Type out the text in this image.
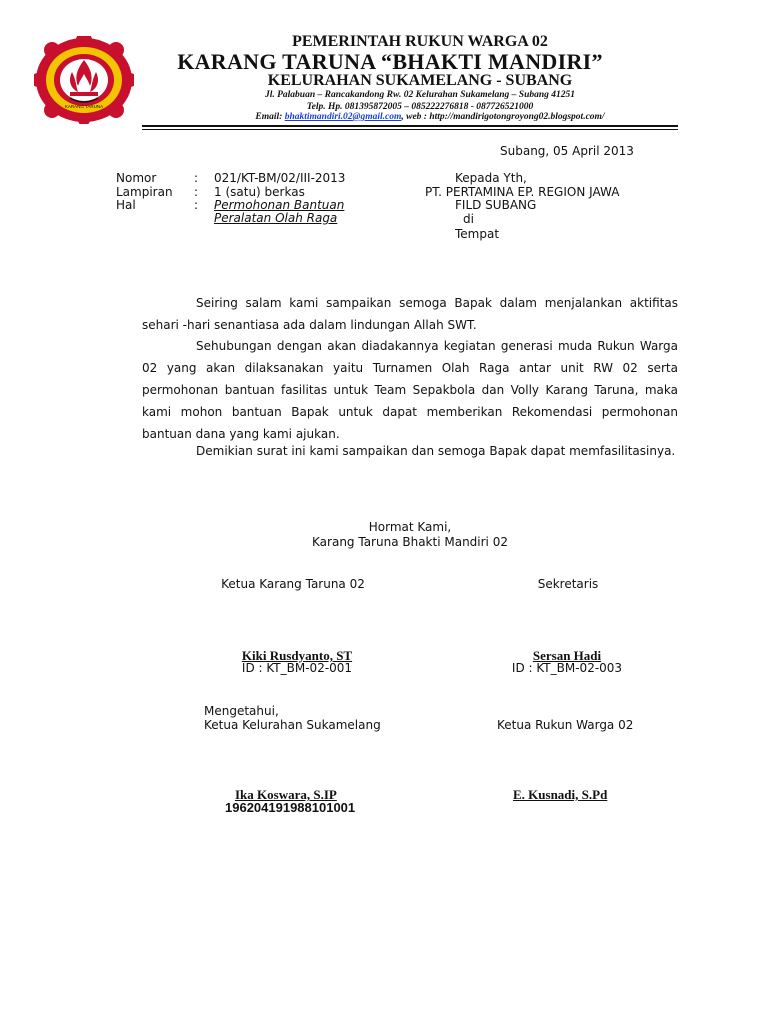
KARANG TARUNA
PEMERINTAH RUKUN WARGA 02
KARANG TARUNA “BHAKTI MANDIRI”
KELURAHAN SUKAMELANG - SUBANG
Jl. Palabuan – Rancakandong Rw. 02 Kelurahan Sukamelang – Subang 41251
Telp. Hp. 081395872005 – 085222276818 - 087726521000
Email: bhaktimandiri.02@gmail.com, web : http://mandirigotongroyong02.blogspot.com/
Subang, 05 April 2013
Nomor	: 021/KT-BM/02/III-2013
Lampiran : 1 (satu) berkas
Hal	: Permohonan Bantuan
Peralatan Olah Raga
Kepada Yth,
PT. PERTAMINA EP. REGION JAWA
FILD SUBANG
di
Tempat
Seiring salam kami sampaikan semoga Bapak dalam menjalankan aktifitas sehari -hari senantiasa ada dalam lindungan Allah SWT.
Sehubungan dengan akan diadakannya kegiatan generasi muda Rukun Warga 02 yang akan dilaksanakan yaitu Turnamen Olah Raga antar unit RW 02 serta permohonan bantuan fasilitas untuk Team Sepakbola dan Volly Karang Taruna, maka kami mohon bantuan Bapak untuk dapat memberikan Rekomendasi permohonan bantuan dana yang kami ajukan.
Demikian surat ini kami sampaikan dan semoga Bapak dapat memfasilitasinya.
Hormat Kami,
Karang Taruna Bhakti Mandiri 02
Ketua Karang Taruna 02	Sekretaris
Kiki Rusdyanto, ST
ID : KT_BM-02-001
Sersan Hadi
ID : KT_BM-02-003
Mengetahui,
Ketua Kelurahan Sukamelang	Ketua Rukun Warga 02
Ika Koswara, S.IP
196204191988101001
E. Kusnadi, S.Pd
